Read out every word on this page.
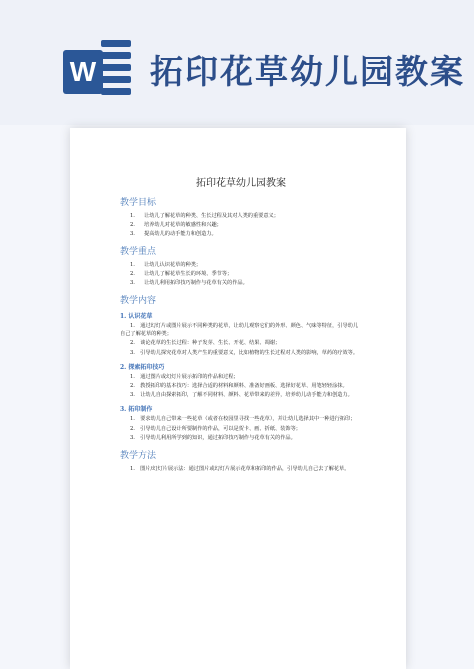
W 拓印花草幼儿园教案
拓印花草幼儿园教案
教学目标
1. 让幼儿了解花草的种类、生长过程及其对人类的重要意义；
2. 培养幼儿对花草的敏感性和兴趣；
3. 提高幼儿的动手能力和创造力。
教学重点
1. 让幼儿认识花草的种类；
2. 让幼儿了解花草生长的环境、季节等；
3. 让幼儿利用拓印技巧制作与花草有关的作品。
教学内容
1. 认识花草
1.　通过幻灯片或图片展示不同种类的花草，让幼儿观察它们的外形、颜色、气味等特征，引导幼儿自己了解花草的种类；
2.　谈论花草的生长过程：种子发芽、生长、开花、结果、凋谢；
3.　引导幼儿探究花草对人类产生的重要意义，比如植物的生长过程对人类的影响，草药的疗效等。
2. 探索拓印技巧
1.　通过图片或幻灯片展示拓印的作品和过程；
2.　教授拓印的基本技巧：选择合适的材料和颜料、准备好画板、选择好花草、用笔轻轻涂抹。
3.　让幼儿自由探索拓印，了解不同材料、颜料、花草带来的差异，培养幼儿动手能力和创造力。
3. 拓印制作
1.　要求幼儿自己带来一些花草（或者在校园里寻找一些花草），并让幼儿选择其中一种进行拓印；
2.　引导幼儿自己设计所要制作的作品，可以是贺卡、画、折纸、装饰等；
3.　引导幼儿利用所学到的知识，通过拓印技巧制作与花草有关的作品。
教学方法
1.　图片/幻灯片展示法：通过图片或幻灯片展示花草和拓印的作品，引导幼儿自己去了解花草。
